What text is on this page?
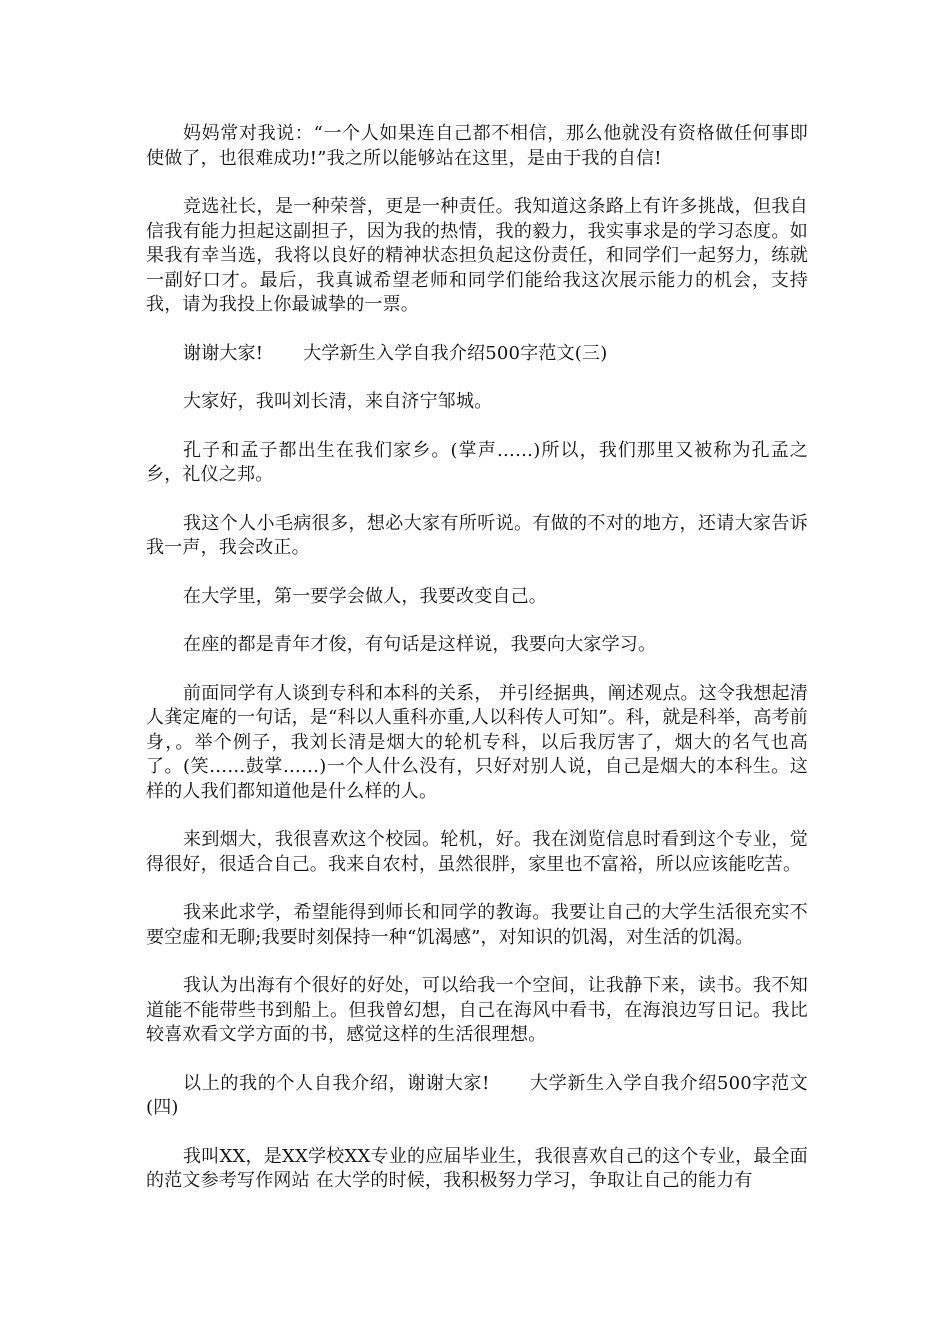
妈妈常对我说：“一个人如果连自己都不相信，那么他就没有资格做任何事即使做了，也很难成功!”我之所以能够站在这里，是由于我的自信!

竞选社长，是一种荣誉，更是一种责任。我知道这条路上有许多挑战，但我自信我有能力担起这副担子，因为我的热情，我的毅力，我实事求是的学习态度。如果我有幸当选，我将以良好的精神状态担负起这份责任，和同学们一起努力，练就一副好口才。最后，我真诚希望老师和同学们能给我这次展示能力的机会，支持我，请为我投上你最诚挚的一票。

谢谢大家! 大学新生入学自我介绍500字范文(三)

大家好，我叫刘长清，来自济宁邹城。

孔子和孟子都出生在我们家乡。(掌声……)所以，我们那里又被称为孔孟之乡，礼仪之邦。

我这个人小毛病很多，想必大家有所听说。有做的不对的地方，还请大家告诉我一声，我会改正。

在大学里，第一要学会做人，我要改变自己。

在座的都是青年才俊，有句话是这样说，我要向大家学习。

前面同学有人谈到专科和本科的关系， 并引经据典，阐述观点。这令我想起清人龚定庵的一句话，是“科以人重科亦重,人以科传人可知”。科，就是科举，高考前身，。举个例子，我刘长清是烟大的轮机专科，以后我厉害了，烟大的名气也高了。(笑……鼓掌……)一个人什么没有，只好对别人说，自己是烟大的本科生。这样的人我们都知道他是什么样的人。

来到烟大，我很喜欢这个校园。轮机，好。我在浏览信息时看到这个专业，觉得很好，很适合自己。我来自农村，虽然很胖，家里也不富裕，所以应该能吃苦。

我来此求学，希望能得到师长和同学的教诲。我要让自己的大学生活很充实不要空虚和无聊;我要时刻保持一种“饥渴感”，对知识的饥渴，对生活的饥渴。

我认为出海有个很好的好处，可以给我一个空间，让我静下来，读书。我不知道能不能带些书到船上。但我曾幻想，自己在海风中看书，在海浪边写日记。我比较喜欢看文学方面的书，感觉这样的生活很理想。

以上的我的个人自我介绍，谢谢大家! 大学新生入学自我介绍500字范文(四)

我叫XX，是XX学校XX专业的应届毕业生，我很喜欢自己的这个专业，最全面的范文参考写作网站 在大学的时候，我积极努力学习，争取让自己的能力有
